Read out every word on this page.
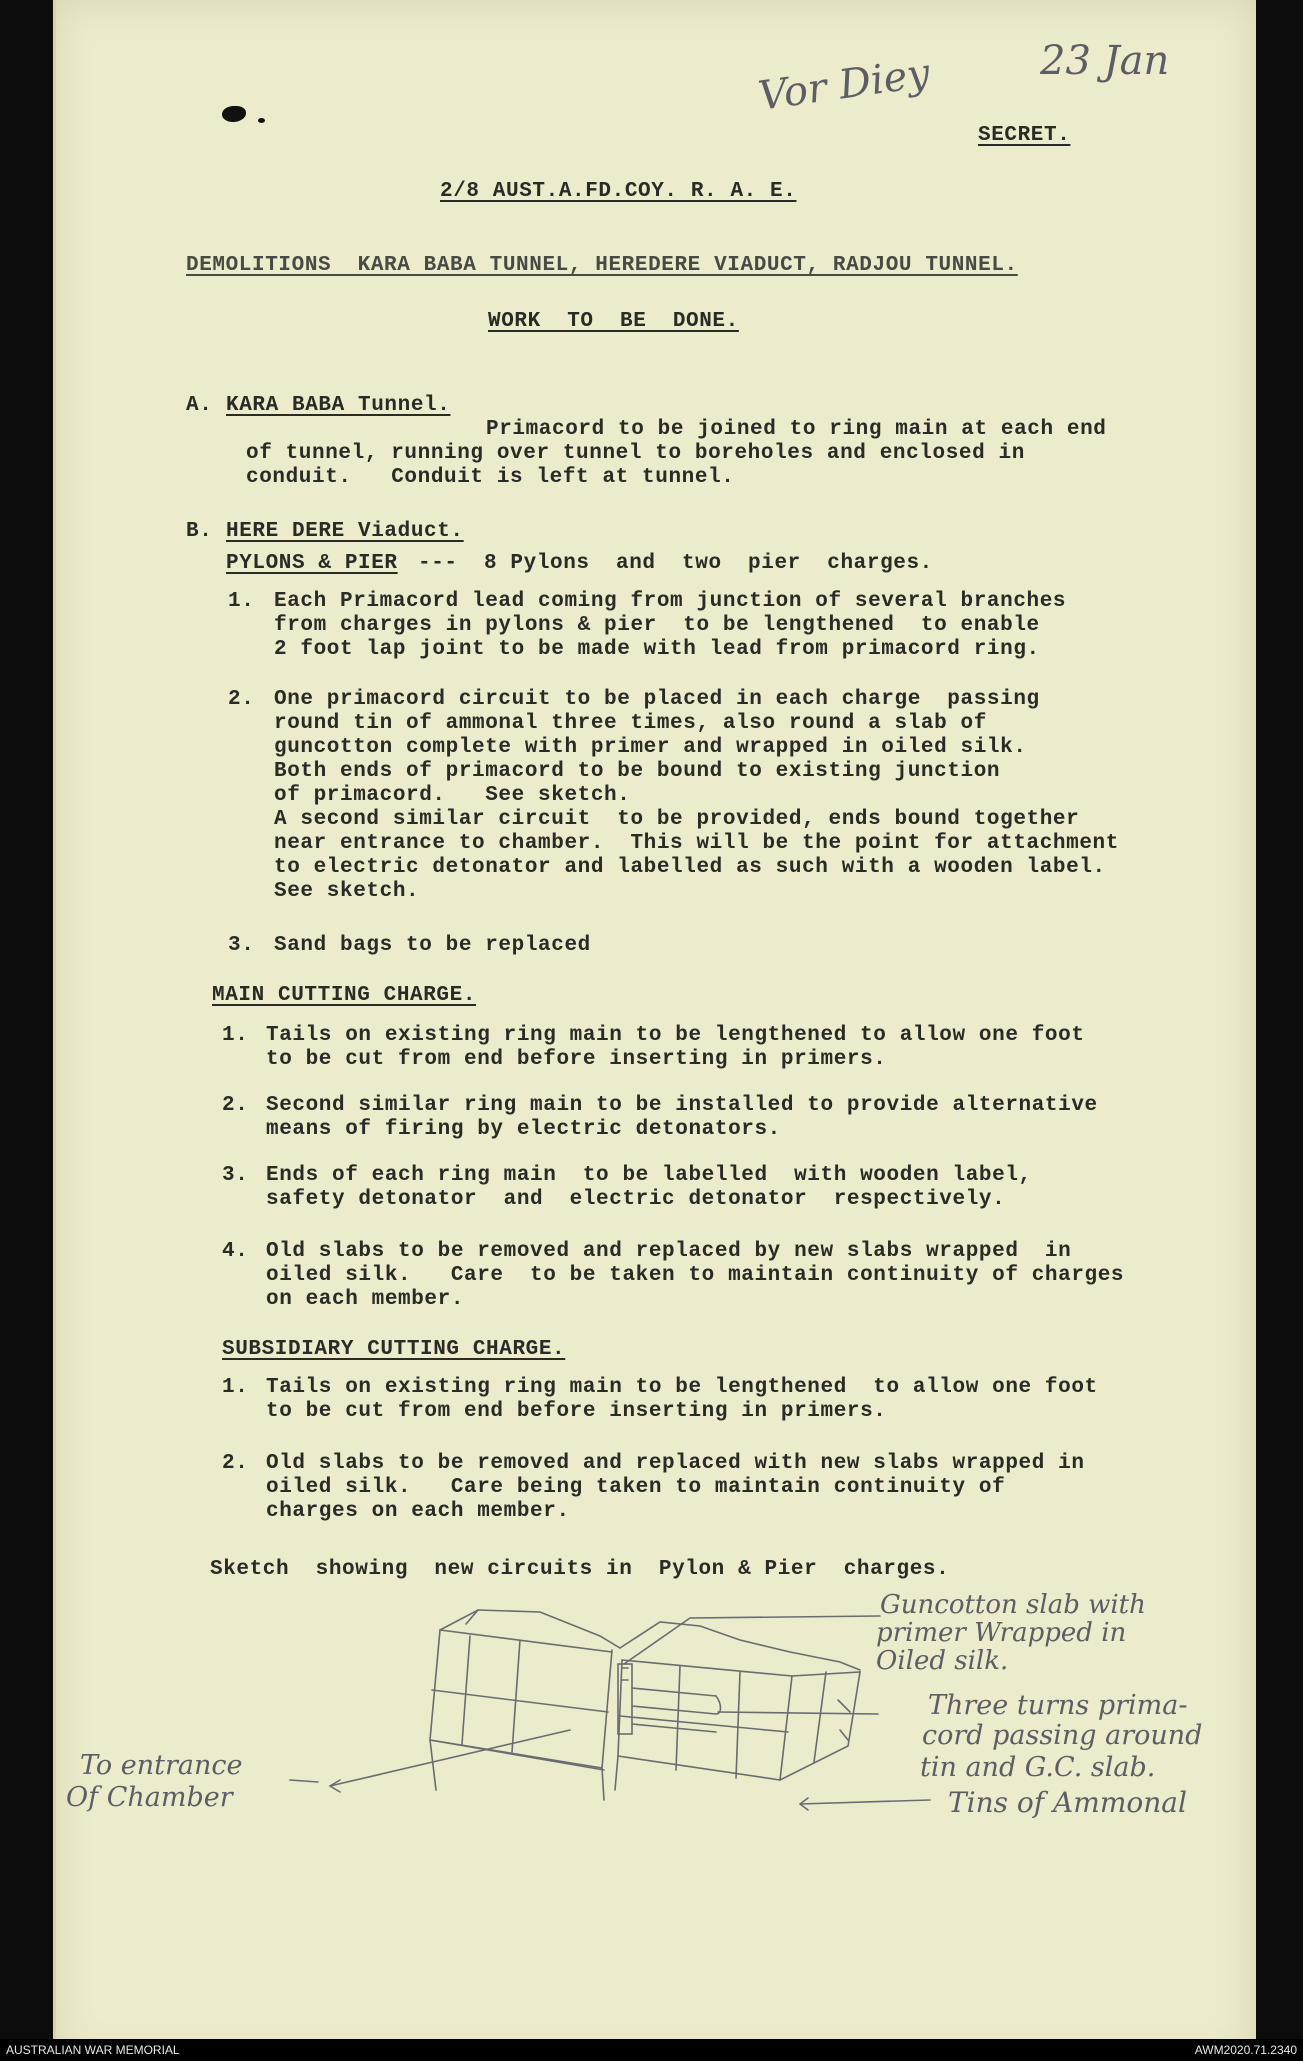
Vor Diey	23 Jan
SECRET.
2/8 AUST.A.FD.COY. R. A. E.
DEMOLITIONS  KARA BABA TUNNEL, HEREDERE VIADUCT, RADJOU TUNNEL.
WORK  TO  BE  DONE.
A. KARA BABA Tunnel.
Primacord to be joined to ring main at each end
of tunnel, running over tunnel to boreholes and enclosed in
conduit.   Conduit is left at tunnel.
B. HERE DERE Viaduct.
PYLONS & PIER ---  8 Pylons  and  two  pier  charges.
1. Each Primacord lead coming from junction of several branches
from charges in pylons & pier  to be lengthened  to enable
2 foot lap joint to be made with lead from primacord ring.
2. One primacord circuit to be placed in each charge  passing
round tin of ammonal three times, also round a slab of
guncotton complete with primer and wrapped in oiled silk.
Both ends of primacord to be bound to existing junction
of primacord.   See sketch.
A second similar circuit  to be provided, ends bound together
near entrance to chamber.  This will be the point for attachment
to electric detonator and labelled as such with a wooden label.
See sketch.
3. Sand bags to be replaced
MAIN CUTTING CHARGE.
1. Tails on existing ring main to be lengthened to allow one foot
to be cut from end before inserting in primers.
2. Second similar ring main to be installed to provide alternative
means of firing by electric detonators.
3. Ends of each ring main  to be labelled  with wooden label,
safety detonator  and  electric detonator  respectively.
4. Old slabs to be removed and replaced by new slabs wrapped  in
oiled silk.   Care  to be taken to maintain continuity of charges
on each member.
SUBSIDIARY CUTTING CHARGE.
1. Tails on existing ring main to be lengthened  to allow one foot
to be cut from end before inserting in primers.
2. Old slabs to be removed and replaced with new slabs wrapped in
oiled silk.   Care being taken to maintain continuity of
charges on each member.
Sketch  showing  new circuits in  Pylon & Pier  charges.
Guncotton slab with
primer Wrapped in
Oiled silk.
Three turns prima-
cord passing around
tin and G.C. slab.
Tins of Ammonal
To entrance
Of Chamber
AUSTRALIAN WAR MEMORIAL	AWM2020.71.2340
